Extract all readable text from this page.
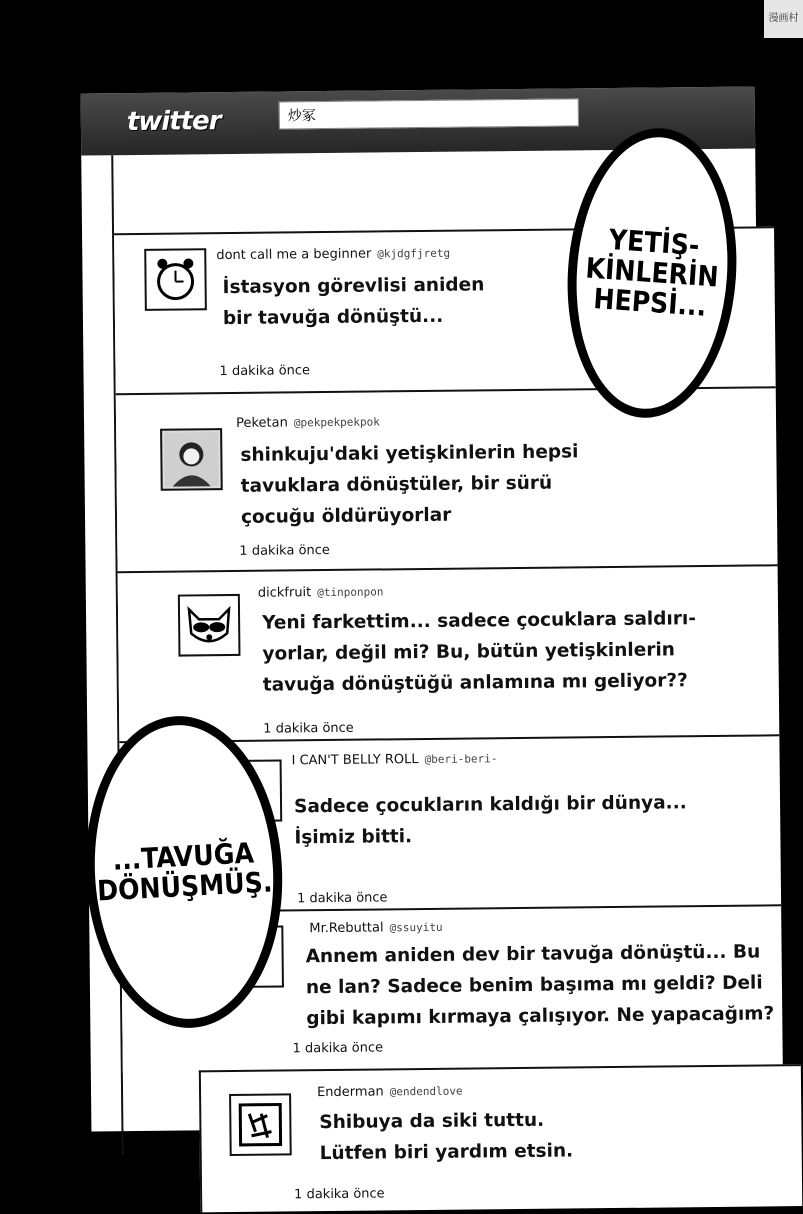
漫画村
twitter	炒冢
dont call me a beginner @kjdgfjretg
İstasyon görevlisi aniden
bir tavuğa dönüştü...
1 dakika önce
Peketan @pekpekpekpok
shinkuju'daki yetişkinlerin hepsi
tavuklara dönüştüler, bir sürü
çocuğu öldürüyorlar
1 dakika önce
dickfruit @tinponpon
Yeni farkettim... sadece çocuklara saldırı-
yorlar, değil mi? Bu, bütün yetişkinlerin
tavuğa dönüştüğü anlamına mı geliyor??
1 dakika önce
I CAN'T BELLY ROLL @beri-beri-
Sadece çocukların kaldığı bir dünya...
İşimiz bitti.
1 dakika önce
Mr.Rebuttal @ssuyitu
Annem aniden dev bir tavuğa dönüştü... Bu
ne lan? Sadece benim başıma mı geldi? Deli
gibi kapımı kırmaya çalışıyor. Ne yapacağım?
1 dakika önce
Enderman @endendlove
Shibuya da siki tuttu.
Lütfen biri yardım etsin.
1 dakika önce
YETİŞ-
KİNLERİN
HEPSİ...
...TAVUĞA
DÖNÜŞMÜŞ.
